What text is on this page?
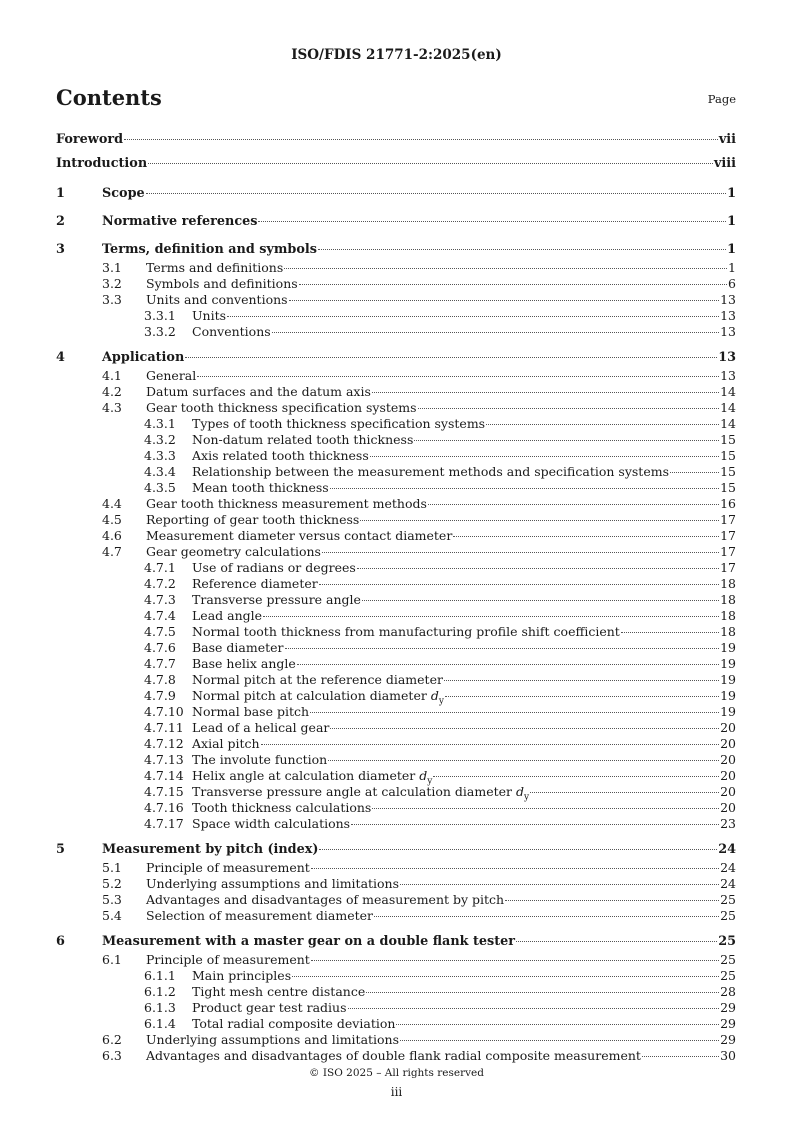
ISO/FDIS 21771-2:2025(en)
Contents	Page
Foreword	vii
Introduction	viii
1	Scope	1
2	Normative references	1
3	Terms, definition and symbols	1
3.1	Terms and definitions	1
3.2	Symbols and definitions	6
3.3	Units and conventions	13
3.3.1	Units	13
3.3.2	Conventions	13
4	Application	13
4.1	General	13
4.2	Datum surfaces and the datum axis	14
4.3	Gear tooth thickness specification systems	14
4.3.1	Types of tooth thickness specification systems	14
4.3.2	Non-datum related tooth thickness	15
4.3.3	Axis related tooth thickness	15
4.3.4	Relationship between the measurement methods and specification systems	15
4.3.5	Mean tooth thickness	15
4.4	Gear tooth thickness measurement methods	16
4.5	Reporting of gear tooth thickness	17
4.6	Measurement diameter versus contact diameter	17
4.7	Gear geometry calculations	17
4.7.1	Use of radians or degrees	17
4.7.2	Reference diameter	18
4.7.3	Transverse pressure angle	18
4.7.4	Lead angle	18
4.7.5	Normal tooth thickness from manufacturing profile shift coefficient	18
4.7.6	Base diameter	19
4.7.7	Base helix angle	19
4.7.8	Normal pitch at the reference diameter	19
4.7.9	Normal pitch at calculation diameter $d_y$	19
4.7.10 Normal base pitch	19
4.7.11 Lead of a helical gear	20
4.7.12 Axial pitch	20
4.7.13 The involute function	20
4.7.14 Helix angle at calculation diameter $d_y$	20
4.7.15 Transverse pressure angle at calculation diameter $d_y$	20
4.7.16 Tooth thickness calculations	20
4.7.17 Space width calculations	23
5	Measurement by pitch (index)	24
5.1	Principle of measurement	24
5.2	Underlying assumptions and limitations	24
5.3	Advantages and disadvantages of measurement by pitch	25
5.4	Selection of measurement diameter	25
6	Measurement with a master gear on a double flank tester	25
6.1	Principle of measurement	25
6.1.1	Main principles	25
6.1.2	Tight mesh centre distance	28
6.1.3	Product gear test radius	29
6.1.4	Total radial composite deviation	29
6.2	Underlying assumptions and limitations	29
6.3	Advantages and disadvantages of double flank radial composite measurement	30
© ISO 2025 – All rights reserved
iii
